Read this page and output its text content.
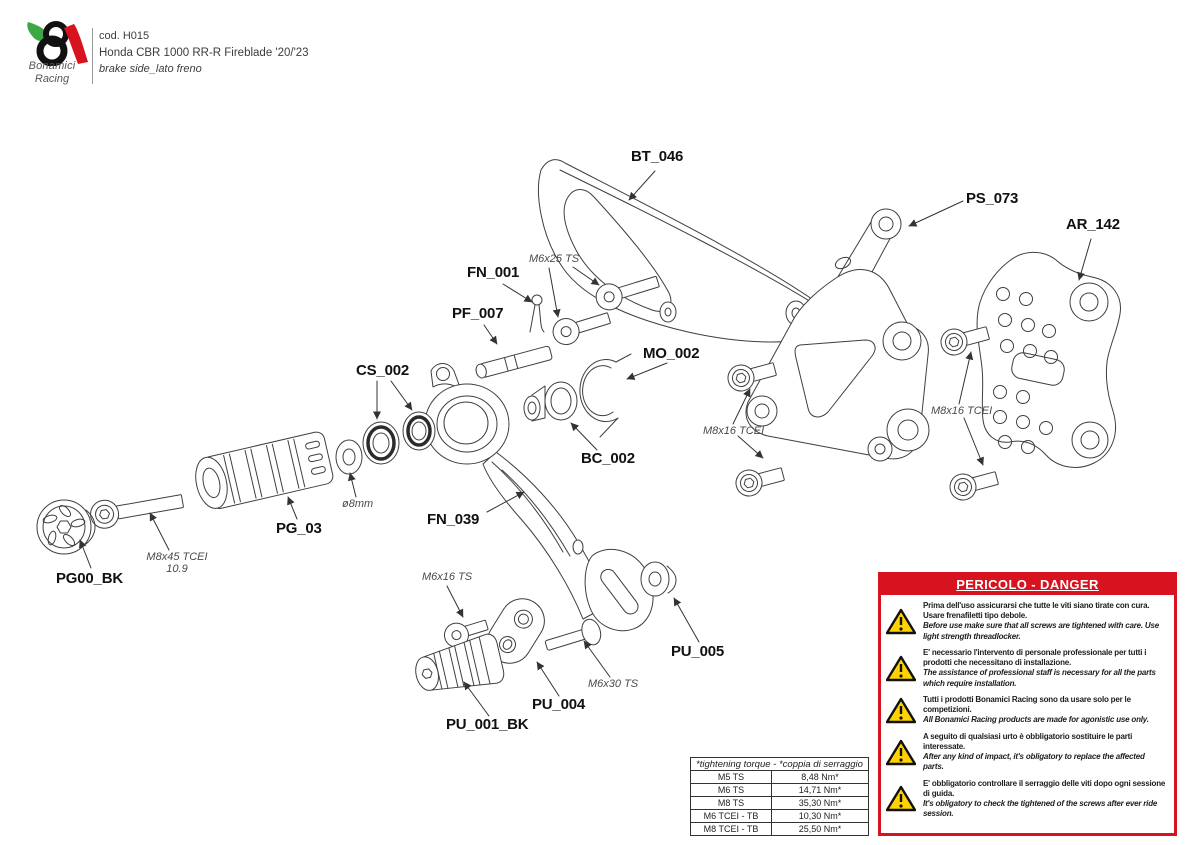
Bonamici
Racing
cod. H015
Honda CBR 1000 RR-R Fireblade '20/'23
brake side_lato freno
BT_046
PS_073
AR_142
FN_001
PF_007
MO_002
CS_002
BC_002
FN_039
PG_03
PG00_BK
PU_005
PU_004
PU_001_BK
M6x25 TS
ø8mm
M8x45 TCEI
10.9
M6x16 TS
M6x30 TS
M8x16 TCEI
M8x16 TCEI
*tightening torque - *coppia di serraggio	
M5 TS	8,48 Nm*
M6 TS	14,71 Nm*
M8 TS	35,30 Nm*
M6 TCEI - TB	10,30 Nm*
M8 TCEI - TB	25,50 Nm*
PERICOLO - DANGER
Prima dell'uso assicurarsi che tutte le viti siano tirate con cura. Usare frenafiletti tipo debole.
Before use make sure that all screws are tightened with care. Use light strength threadlocker.
E' necessario l'intervento di personale professionale per tutti i prodotti che necessitano di installazione.
The assistance of professional staff is necessary for all the parts which require installation.
Tutti i prodotti Bonamici Racing sono da usare solo per le competizioni.
All Bonamici Racing products are made for agonistic use only.
A seguito di qualsiasi urto è obbligatorio sostituire le parti interessate.
After any kind of impact, it's obligatory to replace the affected parts.
E' obbligatorio controllare il serraggio delle viti dopo ogni sessione di guida.
It's obligatory to check the tightened of the screws after ever ride session.
